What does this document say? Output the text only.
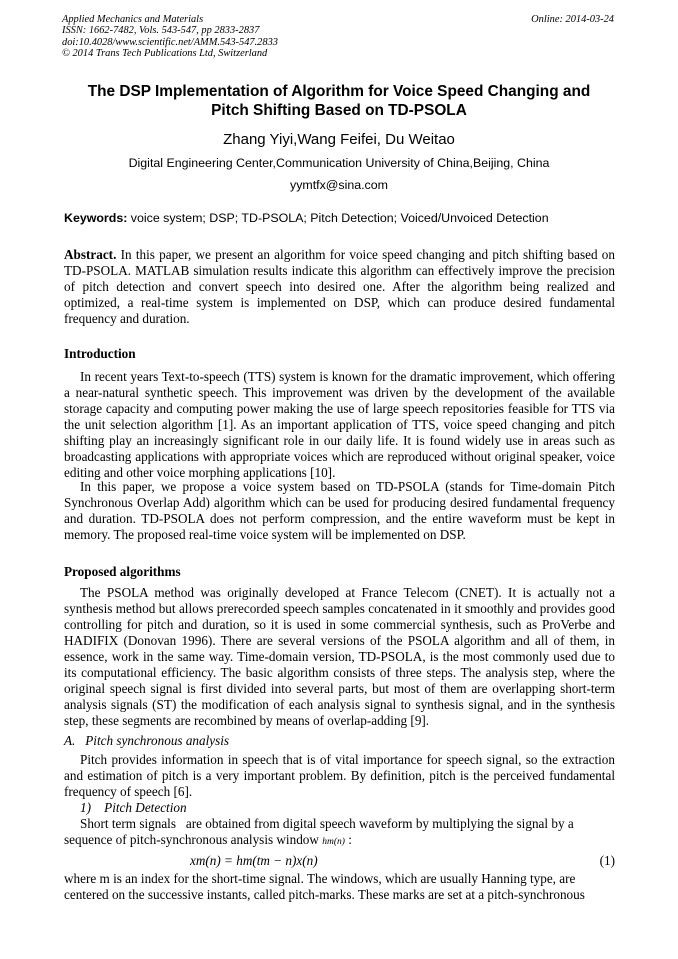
Applied Mechanics and Materials
ISSN: 1662-7482, Vols. 543-547, pp 2833-2837
doi:10.4028/www.scientific.net/AMM.543-547.2833
© 2014 Trans Tech Publications Ltd, Switzerland
Online: 2014-03-24
The DSP Implementation of Algorithm for Voice Speed Changing and
Pitch Shifting Based on TD-PSOLA
Zhang Yiyi,Wang Feifei, Du Weitao
Digital Engineering Center,Communication University of China,Beijing, China
yymtfx@sina.com
Keywords: voice system; DSP; TD-PSOLA; Pitch Detection; Voiced/Unvoiced Detection
Abstract. In this paper, we present an algorithm for voice speed changing and pitch shifting based on TD-PSOLA. MATLAB simulation results indicate this algorithm can effectively improve the precision of pitch detection and convert speech into desired one. After the algorithm being realized and optimized, a real-time system is implemented on DSP, which can produce desired fundamental frequency and duration.
Introduction
In recent years Text-to-speech (TTS) system is known for the dramatic improvement, which offering a near-natural synthetic speech. This improvement was driven by the development of the available storage capacity and computing power making the use of large speech repositories feasible for TTS via the unit selection algorithm [1]. As an important application of TTS, voice speed changing and pitch shifting play an increasingly significant role in our daily life. It is found widely use in areas such as broadcasting applications with appropriate voices which are reproduced without original speaker, voice editing and other voice morphing applications [10].
In this paper, we propose a voice system based on TD-PSOLA (stands for Time-domain Pitch Synchronous Overlap Add) algorithm which can be used for producing desired fundamental frequency and duration. TD-PSOLA does not perform compression, and the entire waveform must be kept in memory. The proposed real-time voice system will be implemented on DSP.
Proposed algorithms
The PSOLA method was originally developed at France Telecom (CNET). It is actually not a synthesis method but allows prerecorded speech samples concatenated in it smoothly and provides good controlling for pitch and duration, so it is used in some commercial synthesis, such as ProVerbe and HADIFIX (Donovan 1996). There are several versions of the PSOLA algorithm and all of them, in essence, work in the same way. Time-domain version, TD-PSOLA, is the most commonly used due to its computational efficiency. The basic algorithm consists of three steps. The analysis step, where the original speech signal is first divided into several parts, but most of them are overlapping short-term analysis signals (ST) the modification of each analysis signal to synthesis signal, and in the synthesis step, these segments are recombined by means of overlap-adding [9].
A.   Pitch synchronous analysis
Pitch provides information in speech that is of vital importance for speech signal, so the extraction and estimation of pitch is a very important problem. By definition, pitch is the perceived fundamental frequency of speech [6].
1)    Pitch Detection
Short term signals   are obtained from digital speech waveform by multiplying the signal by a
sequence of pitch-synchronous analysis window hm(n) :
xm(n) = hm(tm − n)x(n)	(1)
where m is an index for the short-time signal. The windows, which are usually Hanning type, are
centered on the successive instants, called pitch-marks. These marks are set at a pitch-synchronous
